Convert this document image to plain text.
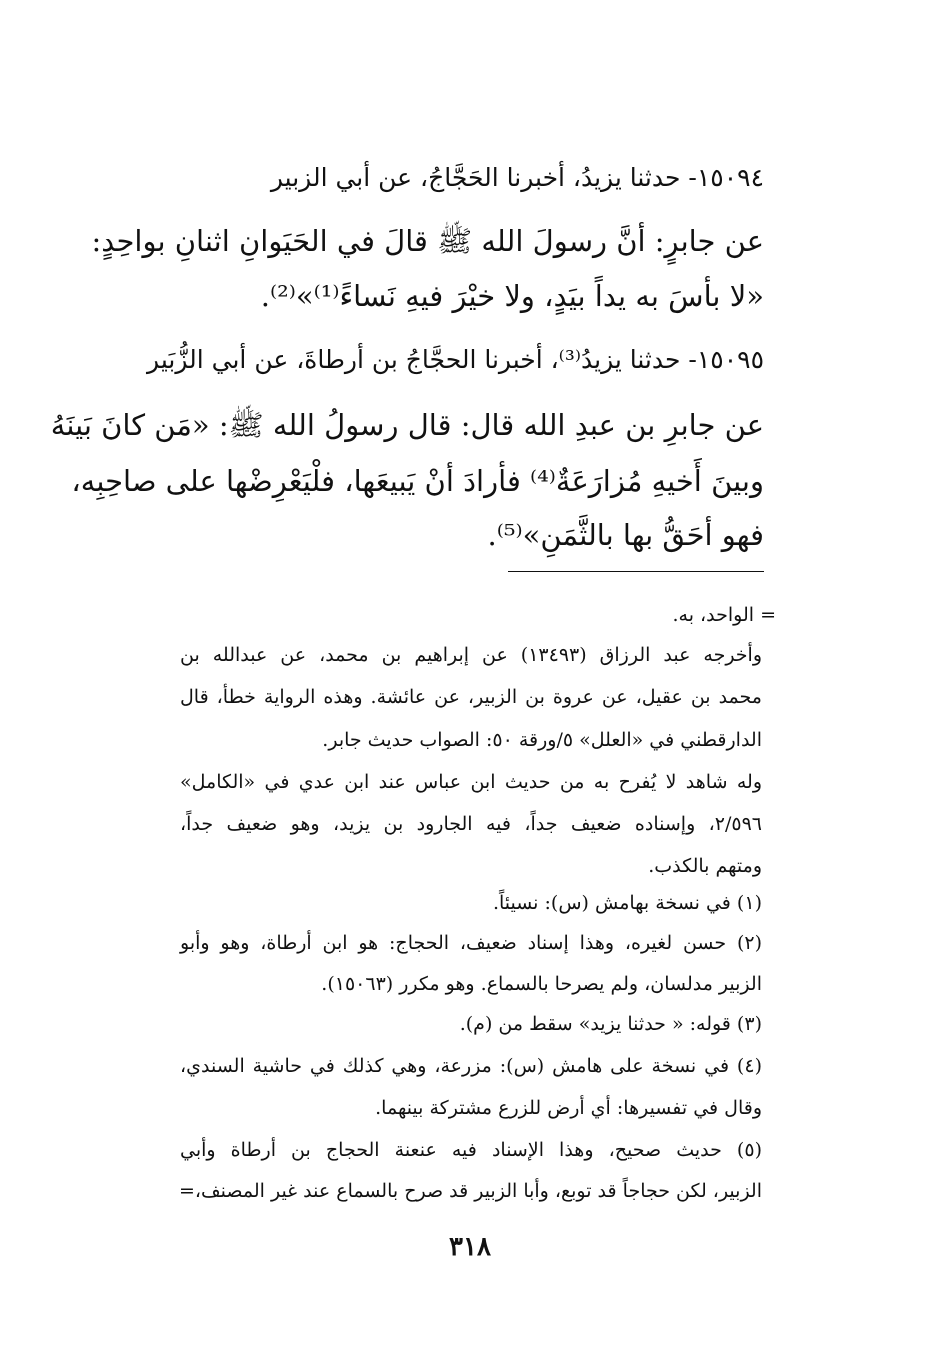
١٥٠٩٤- حدثنا يزيدُ، أخبرنا الحَجَّاجُ، عن أبي الزبير
عن جابرٍ: أنَّ رسولَ الله ﷺ قالَ في الحَيَوانِ اثنانِ بواحِدٍ:
«لا بأسَ به يداً بيَدٍ، ولا خيْرَ فيهِ نَساءً⁽¹⁾»⁽²⁾.
١٥٠٩٥- حدثنا يزيدُ⁽³⁾، أخبرنا الحجَّاجُ بن أرطاةَ، عن أبي الزُّبَير
عن جابرِ بن عبدِ الله قال: قال رسولُ الله ﷺ: «مَن كانَ بَينَهُ
وبينَ أَخيهِ مُزارَعَةٌ⁽⁴⁾ فأرادَ أنْ يَبيعَها، فلْيَعْرِضْها على صاحِبِه،
فهو أحَقُّ بها بالثَّمَنِ»⁽⁵⁾.
= الواحد، به.
وأخرجه عبد الرزاق (١٣٤٩٣) عن إبراهيم بن محمد، عن عبدالله بن
محمد بن عقيل، عن عروة بن الزبير، عن عائشة. وهذه الرواية خطأ، قال
الدارقطني في «العلل» ٥/ورقة ٥٠: الصواب حديث جابر.
وله شاهد لا يُفرح به من حديث ابن عباس عند ابن عدي في «الكامل»
٢/٥٩٦، وإسناده ضعيف جداً، فيه الجارود بن يزيد، وهو ضعيف جداً،
ومتهم بالكذب.
(١) في نسخة بهامش (س): نسيئاً.
(٢) حسن لغيره، وهذا إسناد ضعيف، الحجاج: هو ابن أرطاة، وهو وأبو
الزبير مدلسان، ولم يصرحا بالسماع. وهو مكرر (١٥٠٦٣).
(٣) قوله: « حدثنا يزيد» سقط من (م).
(٤) في نسخة على هامش (س): مزرعة، وهي كذلك في حاشية السندي،
وقال في تفسيرها: أي أرض للزرع مشتركة بينهما.
(٥) حديث صحيح، وهذا الإسناد فيه عنعنة الحجاج بن أرطاة وأبي
الزبير، لكن حجاجاً قد توبع، وأبا الزبير قد صرح بالسماع عند غير المصنف،=
٣١٨
